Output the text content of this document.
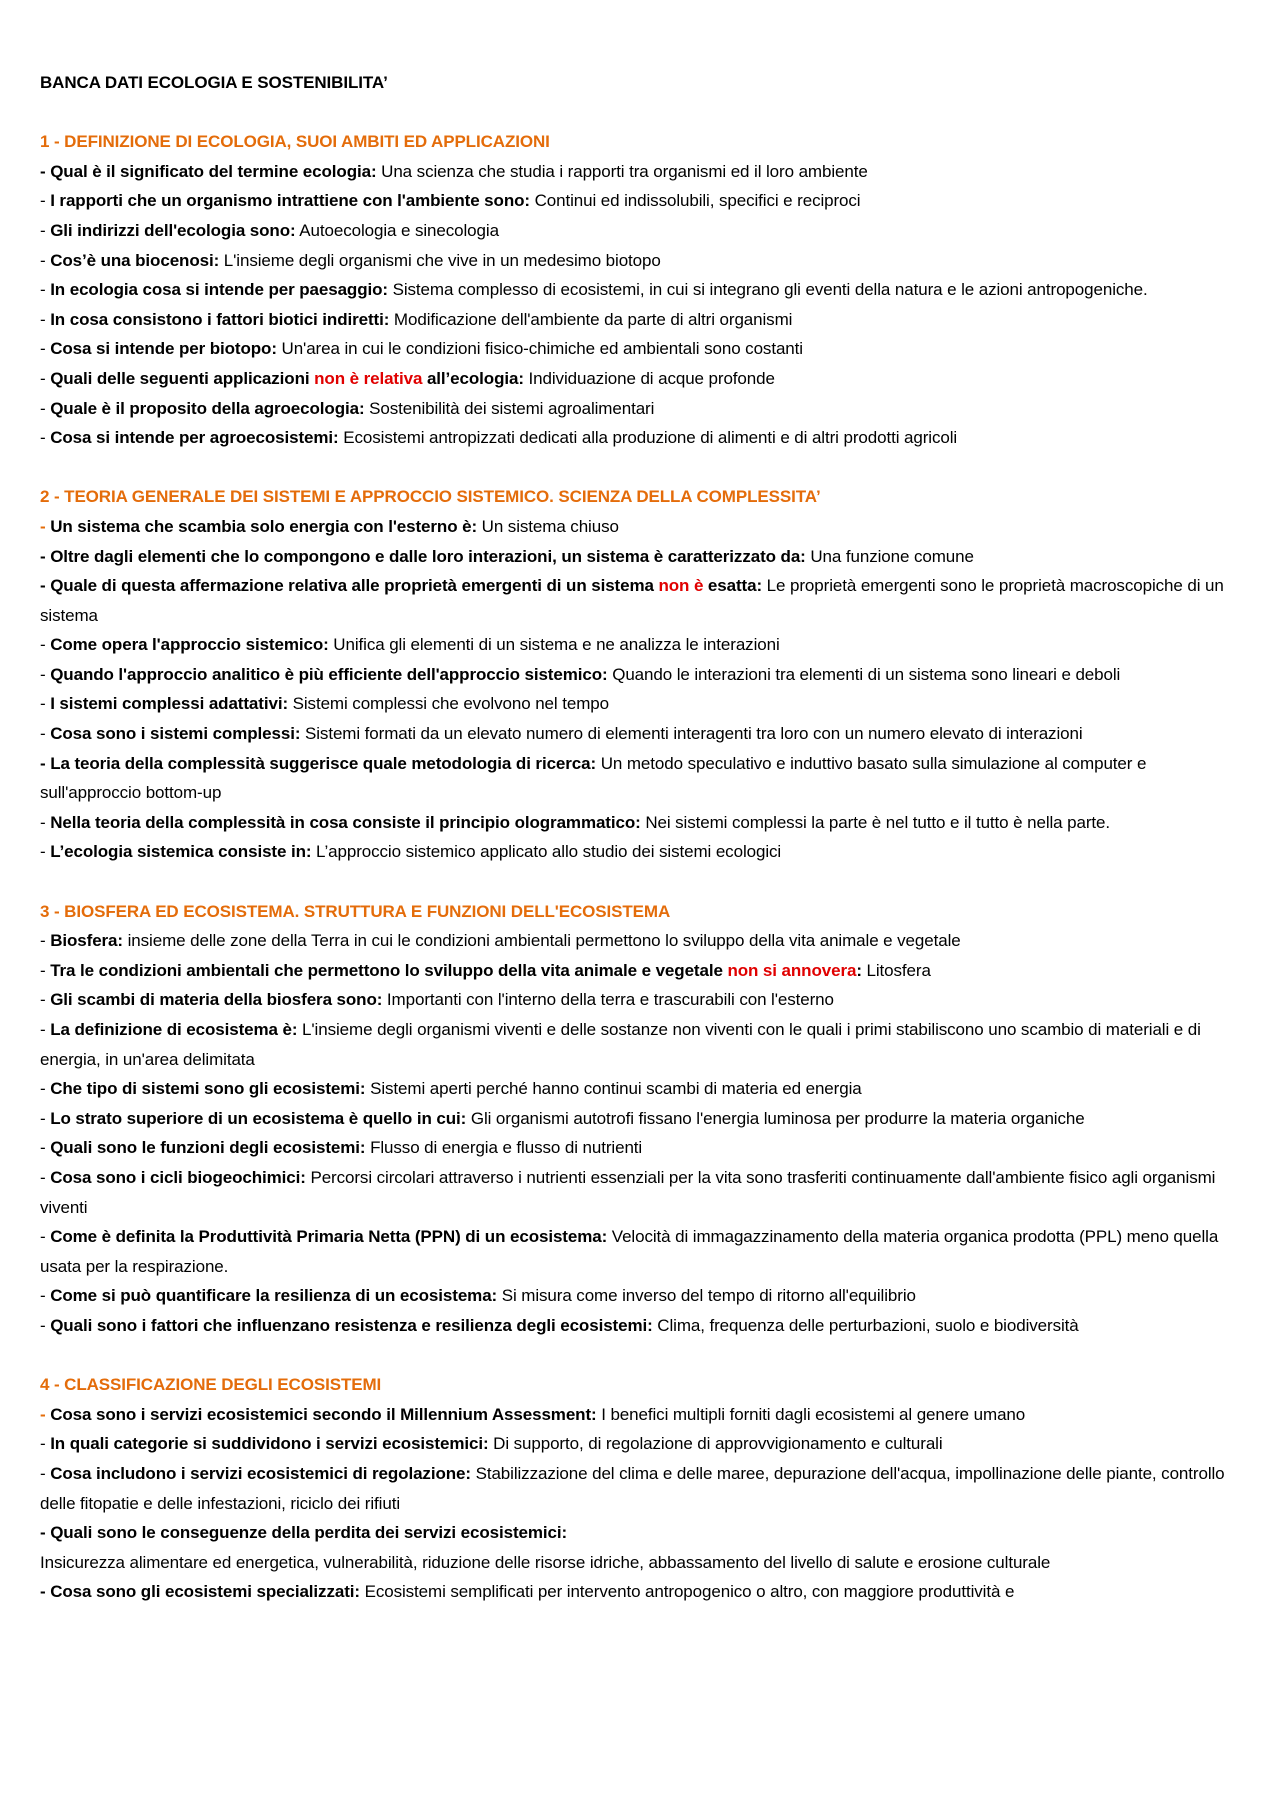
BANCA DATI ECOLOGIA E SOSTENIBILITA’

1 - DEFINIZIONE DI ECOLOGIA, SUOI AMBITI ED APPLICAZIONI

- Qual è il significato del termine ecologia: Una scienza che studia i rapporti tra organismi ed il loro ambiente

- I rapporti che un organismo intrattiene con l'ambiente sono: Continui ed indissolubili, specifici e reciproci

- Gli indirizzi dell'ecologia sono: Autoecologia e sinecologia

- Cos’è una biocenosi: L'insieme degli organismi che vive in un medesimo biotopo

- In ecologia cosa si intende per paesaggio: Sistema complesso di ecosistemi, in cui si integrano gli eventi della natura e le azioni antropogeniche.

- In cosa consistono i fattori biotici indiretti: Modificazione dell'ambiente da parte di altri organismi

- Cosa si intende per biotopo: Un'area in cui le condizioni fisico-chimiche ed ambientali sono costanti

- Quali delle seguenti applicazioni non è relativa all’ecologia: Individuazione di acque profonde

- Quale è il proposito della agroecologia: Sostenibilità dei sistemi agroalimentari

- Cosa si intende per agroecosistemi: Ecosistemi antropizzati dedicati alla produzione di alimenti e di altri prodotti agricoli

2 - TEORIA GENERALE DEI SISTEMI E APPROCCIO SISTEMICO. SCIENZA DELLA COMPLESSITA’

- Un sistema che scambia solo energia con l'esterno è: Un sistema chiuso

- Oltre dagli elementi che lo compongono e dalle loro interazioni, un sistema è caratterizzato da: Una funzione comune

- Quale di questa affermazione relativa alle proprietà emergenti di un sistema non è esatta: Le proprietà emergenti sono le proprietà macroscopiche di un sistema

- Come opera l'approccio sistemico: Unifica gli elementi di un sistema e ne analizza le interazioni

- Quando l'approccio analitico è più efficiente dell'approccio sistemico: Quando le interazioni tra elementi di un sistema sono lineari e deboli

- I sistemi complessi adattativi: Sistemi complessi che evolvono nel tempo

- Cosa sono i sistemi complessi: Sistemi formati da un elevato numero di elementi interagenti tra loro con un numero elevato di interazioni

- La teoria della complessità suggerisce quale metodologia di ricerca: Un metodo speculativo e induttivo basato sulla simulazione al computer e sull'approccio bottom-up

- Nella teoria della complessità in cosa consiste il principio ologrammatico: Nei sistemi complessi la parte è nel tutto e il tutto è nella parte.

- L’ecologia sistemica consiste in: L’approccio sistemico applicato allo studio dei sistemi ecologici

3 - BIOSFERA ED ECOSISTEMA. STRUTTURA E FUNZIONI DELL'ECOSISTEMA

- Biosfera: insieme delle zone della Terra in cui le condizioni ambientali permettono lo sviluppo della vita animale e vegetale

- Tra le condizioni ambientali che permettono lo sviluppo della vita animale e vegetale non si annovera: Litosfera

- Gli scambi di materia della biosfera sono: Importanti con l'interno della terra e trascurabili con l'esterno

- La definizione di ecosistema è: L'insieme degli organismi viventi e delle sostanze non viventi con le quali i primi stabiliscono uno scambio di materiali e di energia, in un'area delimitata

- Che tipo di sistemi sono gli ecosistemi: Sistemi aperti perché hanno continui scambi di materia ed energia

- Lo strato superiore di un ecosistema è quello in cui: Gli organismi autotrofi fissano l'energia luminosa per produrre la materia organiche

- Quali sono le funzioni degli ecosistemi: Flusso di energia e flusso di nutrienti

- Cosa sono i cicli biogeochimici: Percorsi circolari attraverso i nutrienti essenziali per la vita sono trasferiti continuamente dall'ambiente fisico agli organismi viventi

- Come è definita la Produttività Primaria Netta (PPN) di un ecosistema: Velocità di immagazzinamento della materia organica prodotta (PPL) meno quella usata per la respirazione.

- Come si può quantificare la resilienza di un ecosistema: Si misura come inverso del tempo di ritorno all'equilibrio

- Quali sono i fattori che influenzano resistenza e resilienza degli ecosistemi: Clima, frequenza delle perturbazioni, suolo e biodiversità

4 - CLASSIFICAZIONE DEGLI ECOSISTEMI

- Cosa sono i servizi ecosistemici secondo il Millennium Assessment: I benefici multipli forniti dagli ecosistemi al genere umano

- In quali categorie si suddividono i servizi ecosistemici: Di supporto, di regolazione di approvvigionamento e culturali

- Cosa includono i servizi ecosistemici di regolazione: Stabilizzazione del clima e delle maree, depurazione dell'acqua, impollinazione delle piante, controllo delle fitopatie e delle infestazioni, riciclo dei rifiuti

- Quali sono le conseguenze della perdita dei servizi ecosistemici:

Insicurezza alimentare ed energetica, vulnerabilità, riduzione delle risorse idriche, abbassamento del livello di salute e erosione culturale

- Cosa sono gli ecosistemi specializzati: Ecosistemi semplificati per intervento antropogenico o altro, con maggiore produttività e
